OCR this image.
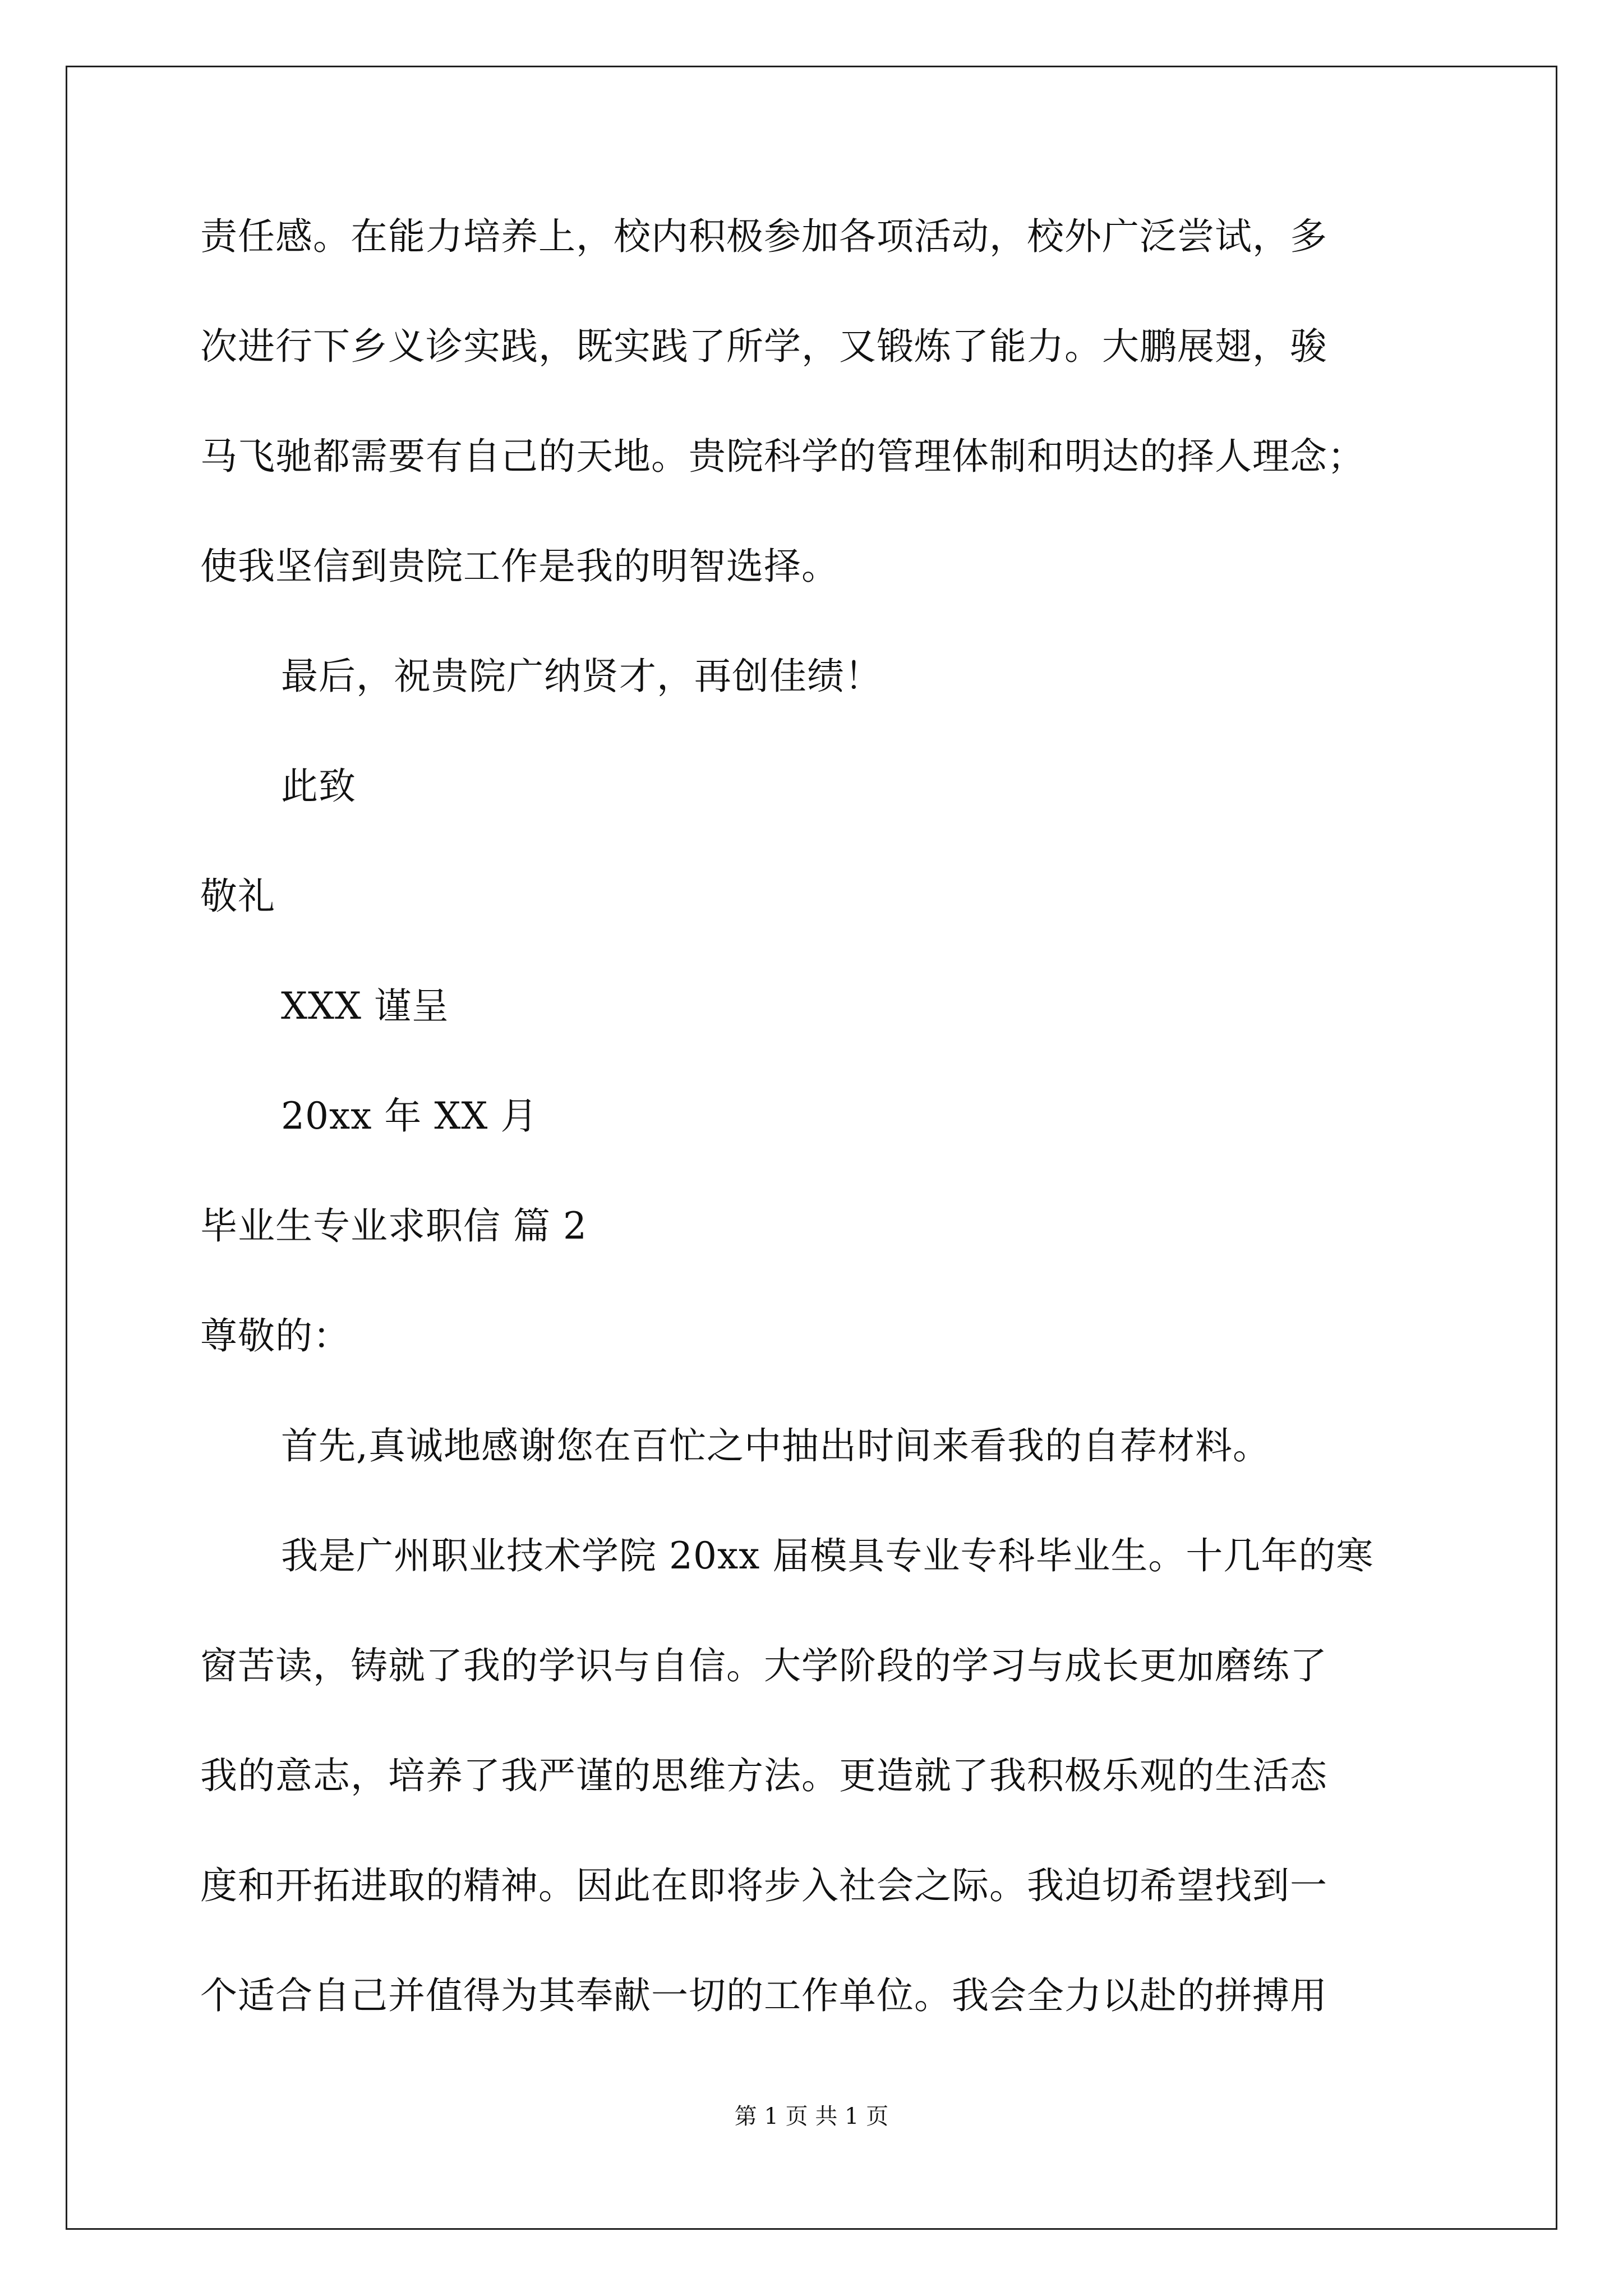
责任感。在能力培养上，校内积极参加各项活动，校外广泛尝试，多
次进行下乡义诊实践，既实践了所学，又锻炼了能力。大鹏展翅，骏
马飞驰都需要有自己的天地。贵院科学的管理体制和明达的择人理念；
使我坚信到贵院工作是我的明智选择。
最后，祝贵院广纳贤才，再创佳绩！
此致
敬礼
XXX 谨呈
20xx 年 XX 月
毕业生专业求职信 篇 2
尊敬的：
首先,真诚地感谢您在百忙之中抽出时间来看我的自荐材料。
我是广州职业技术学院 20xx 届模具专业专科毕业生。十几年的寒
窗苦读，铸就了我的学识与自信。大学阶段的学习与成长更加磨练了
我的意志，培养了我严谨的思维方法。更造就了我积极乐观的生活态
度和开拓进取的精神。因此在即将步入社会之际。我迫切希望找到一
个适合自己并值得为其奉献一切的工作单位。我会全力以赴的拼搏用
第 1 页 共 1 页
